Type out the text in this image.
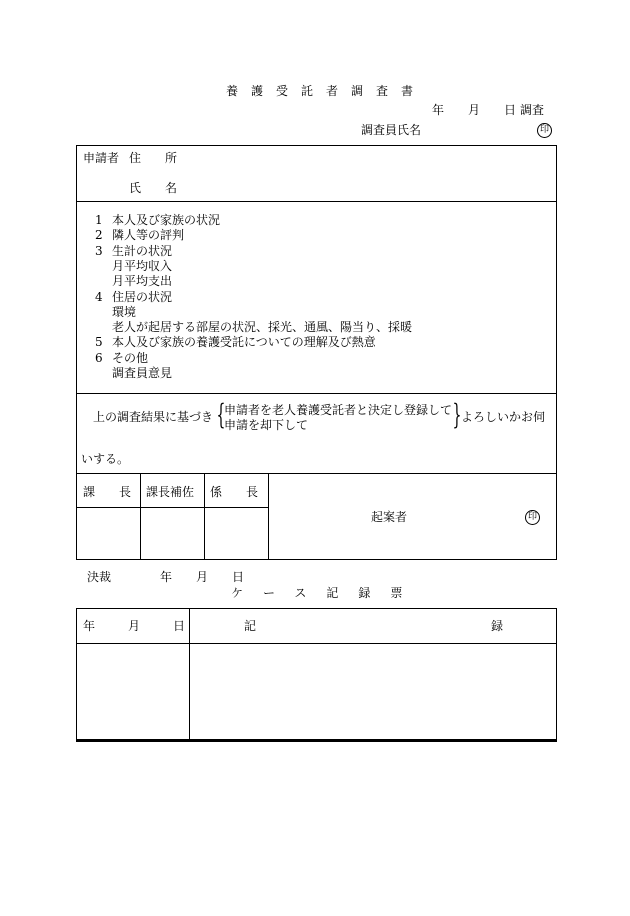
養護受託者調査書
年 月 日 調査
調査員氏名	印
申請者 住　　所
氏　　名
1 本人及び家族の状況
2 隣人等の評判
3 生計の状況
月平均収入
月平均支出
4 住居の状況
環境
老人が起居する部屋の状況、採光、通風、陽当り、採暖
5 本人及び家族の養護受託についての理解及び熱意
6 その他
調査員意見
上の調査結果に基づき {
申請者を老人養護受託者と決定し登録して
申請を却下して	} よろしいかお伺
いする。
課　　長 課長補佐 係　　長
起案者	印
決裁	年 月 日
ケース記録票
年	月	日	記	録
